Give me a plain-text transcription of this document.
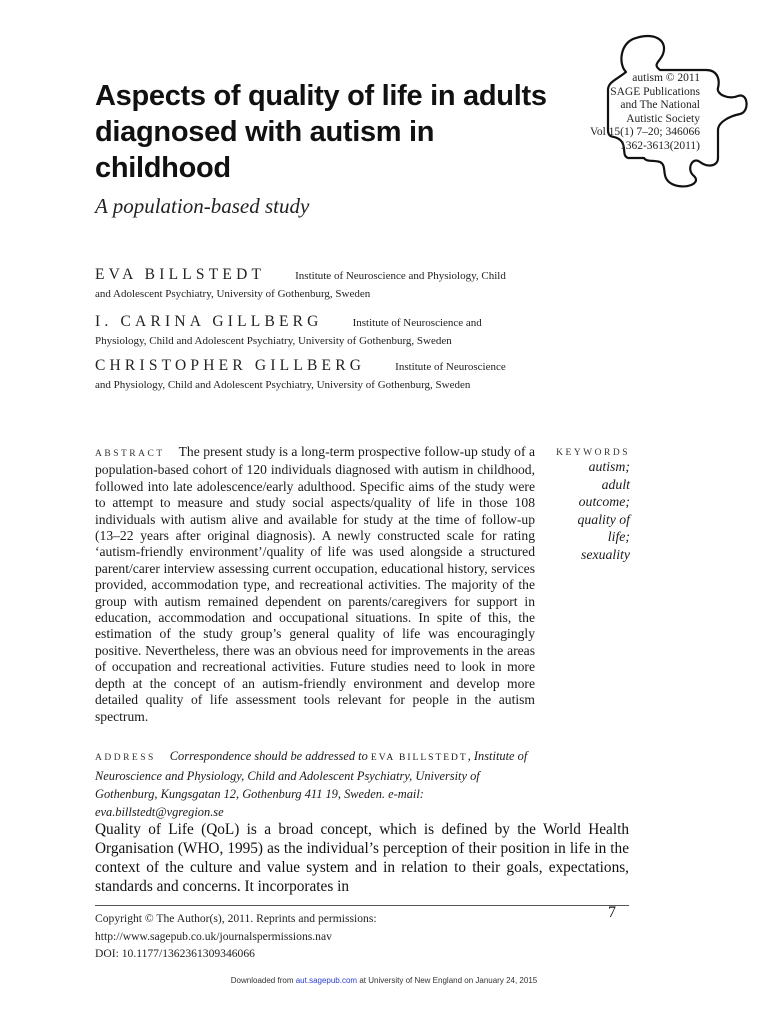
Aspects of quality of life in adults diagnosed with autism in childhood
A population-based study
autism © 2011
SAGE Publications
and The National
Autistic Society
Vol 15(1) 7–20; 346066
1362-3613(2011)
EVA BILLSTEDT	Institute of Neuroscience and Physiology, Child
and Adolescent Psychiatry, University of Gothenburg, Sweden
I. CARINA GILLBERG	Institute of Neuroscience and
Physiology, Child and Adolescent Psychiatry, University of Gothenburg, Sweden
CHRISTOPHER GILLBERG	Institute of Neuroscience
and Physiology, Child and Adolescent Psychiatry, University of Gothenburg, Sweden
ABSTRACT The present study is a long-term prospective follow-up study of a population-based cohort of 120 individuals diagnosed with autism in childhood, followed into late adolescence/early adulthood. Specific aims of the study were to attempt to measure and study social aspects/quality of life in those 108 individuals with autism alive and available for study at the time of follow-up (13–22 years after original diagnosis). A newly constructed scale for rating ‘autism-friendly environment’/quality of life was used alongside a structured parent/carer interview assessing current occupation, educational history, services provided, accommodation type, and recreational activities. The majority of the group with autism remained dependent on parents/caregivers for support in education, accommodation and occupational situations. In spite of this, the estimation of the study group’s general quality of life was encouragingly positive. Nevertheless, there was an obvious need for improvements in the areas of occupation and recreational activities. Future studies need to look in more depth at the concept of an autism-friendly environment and develop more detailed quality of life assessment tools relevant for people in the autism spectrum.
ADDRESS Correspondence should be addressed to EVA BILLSTEDT, Institute of Neuroscience and Physiology, Child and Adolescent Psychiatry, University of Gothenburg, Kungsgatan 12, Gothenburg 411 19, Sweden. e-mail: eva.billstedt@vgregion.se
KEYWORDS
autism;
adult
outcome;
quality of
life;
sexuality
Quality of Life (QoL) is a broad concept, which is defined by the World Health Organisation (WHO, 1995) as the individual’s perception of their position in life in the context of the culture and value system and in relation to their goals, expectations, standards and concerns. It incorporates in
Copyright © The Author(s), 2011. Reprints and permissions:
http://www.sagepub.co.uk/journalspermissions.nav
DOI: 10.1177/1362361309346066
7
Downloaded from aut.sagepub.com at University of New England on January 24, 2015
